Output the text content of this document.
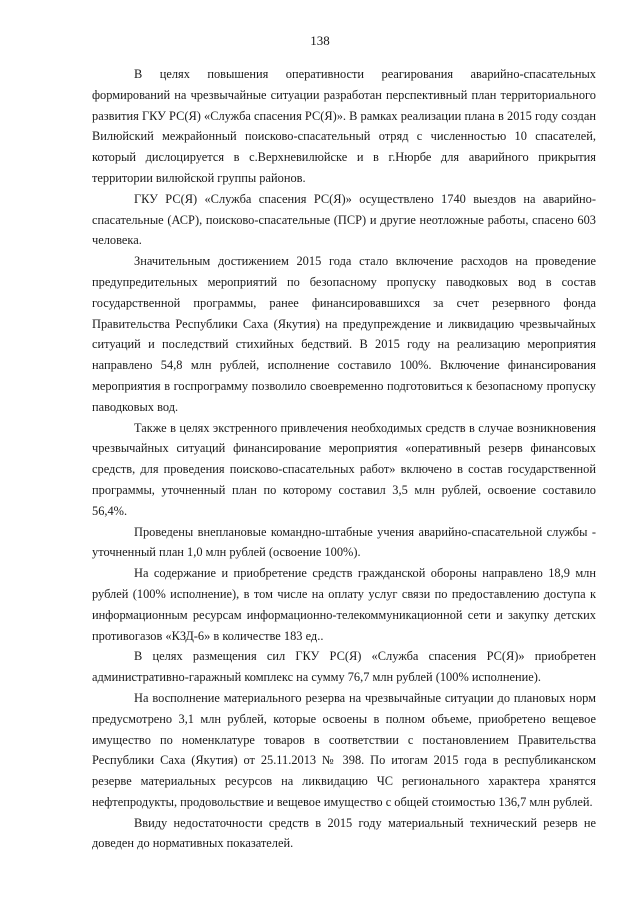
138

В целях повышения оперативности реагирования аварийно-спасательных формирований на чрезвычайные ситуации разработан перспективный план территориального развития ГКУ РС(Я) «Служба спасения РС(Я)». В рамках реализации плана в 2015 году создан Вилюйский межрайонный поисково-спасательный отряд с численностью 10 спасателей, который дислоцируется в с.Верхневилюйске и в г.Нюрбе для аварийного прикрытия территории вилюйской группы районов.

ГКУ РС(Я) «Служба спасения РС(Я)» осуществлено 1740 выездов на аварийно-спасательные (АСР), поисково-спасательные (ПСР) и другие неотложные работы, спасено 603 человека.

Значительным достижением 2015 года стало включение расходов на проведение предупредительных мероприятий по безопасному пропуску паводковых вод в состав государственной программы, ранее финансировавшихся за счет резервного фонда Правительства Республики Саха (Якутия) на предупреждение и ликвидацию чрезвычайных ситуаций и последствий стихийных бедствий. В 2015 году на реализацию мероприятия направлено 54,8 млн рублей, исполнение составило 100%. Включение финансирования мероприятия в госпрограмму позволило своевременно подготовиться к безопасному пропуску паводковых вод.

Также в целях экстренного привлечения необходимых средств в случае возникновения чрезвычайных ситуаций финансирование мероприятия «оперативный резерв финансовых средств, для проведения поисково-спасательных работ» включено в состав государственной программы, уточненный план по которому составил 3,5 млн рублей, освоение составило 56,4%.

Проведены внеплановые командно-штабные учения аварийно-спасательной службы - уточненный план 1,0 млн рублей (освоение 100%).

На содержание и приобретение средств гражданской обороны направлено 18,9 млн рублей (100% исполнение), в том числе на оплату услуг связи по предоставлению доступа к информационным ресурсам информационно-телекоммуникационной сети и закупку детских противогазов «КЗД-6» в количестве 183 ед..

В целях размещения сил ГКУ РС(Я) «Служба спасения РС(Я)» приобретен административно-гаражный комплекс на сумму 76,7 млн рублей (100% исполнение).

На восполнение материального резерва на чрезвычайные ситуации до плановых норм предусмотрено 3,1 млн рублей, которые освоены в полном объеме, приобретено вещевое имущество по номенклатуре товаров в соответствии с постановлением Правительства Республики Саха (Якутия) от 25.11.2013 № 398. По итогам 2015 года в республиканском резерве материальных ресурсов на ликвидацию ЧС регионального характера хранятся нефтепродукты, продовольствие и вещевое имущество с общей стоимостью 136,7 млн рублей.

Ввиду недостаточности средств в 2015 году материальный технический резерв не доведен до нормативных показателей.
